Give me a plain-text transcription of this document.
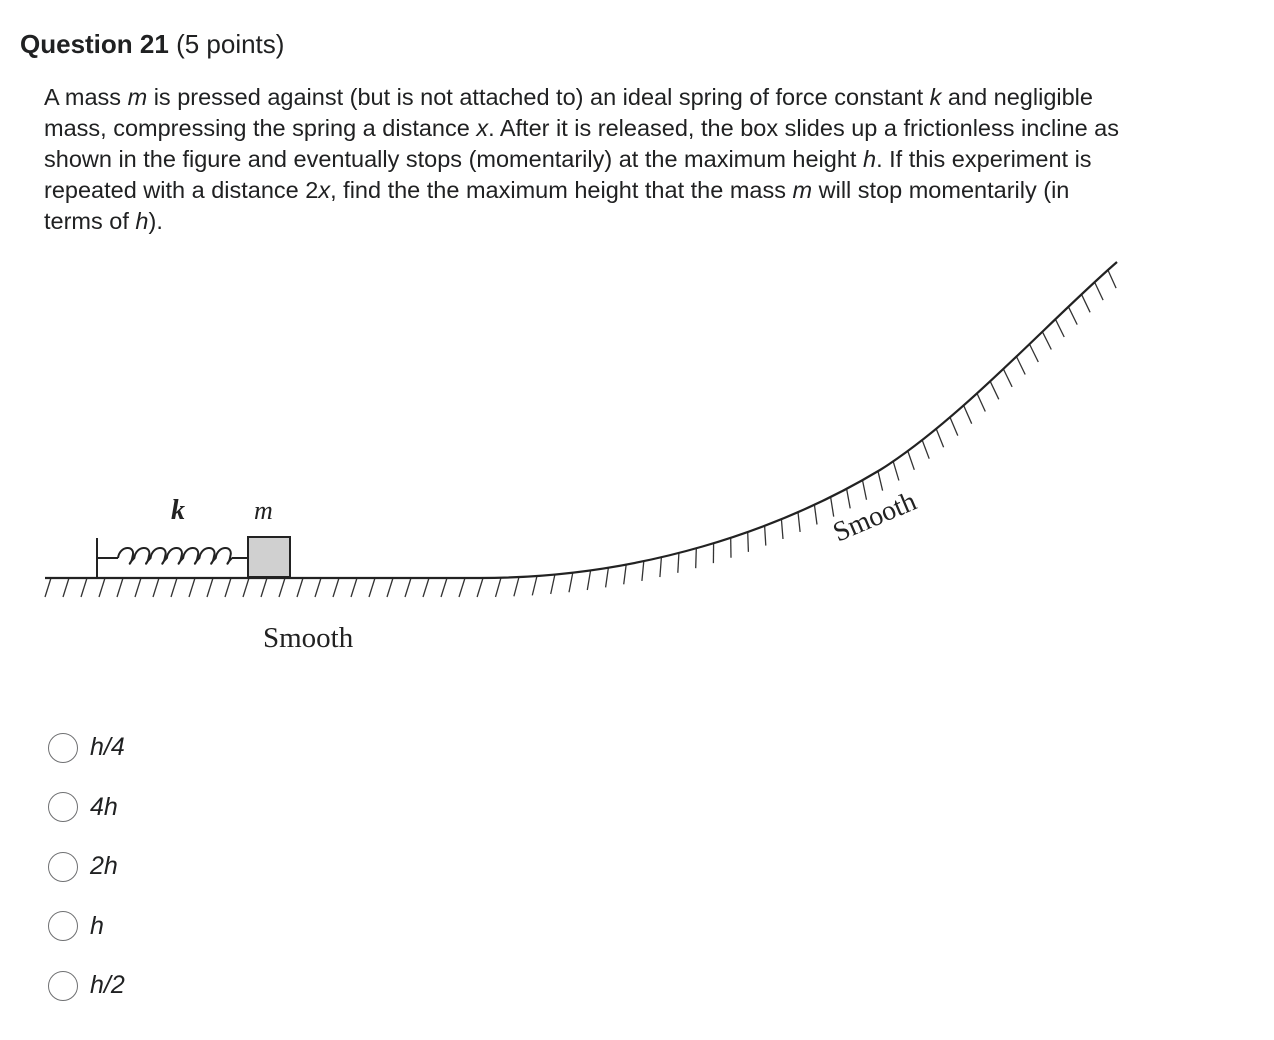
Question 21 (5 points)

A mass m is pressed against (but is not attached to) an ideal spring of force constant k and negligible mass, compressing the spring a distance x. After it is released, the box slides up a frictionless incline as shown in the figure and eventually stops (momentarily) at the maximum height h. If this experiment is repeated with a distance 2x, find the the maximum height that the mass m will stop momentarily (in terms of h).

k	m
Smooth
Smooth
h/4
4h
2h
h
h/2
